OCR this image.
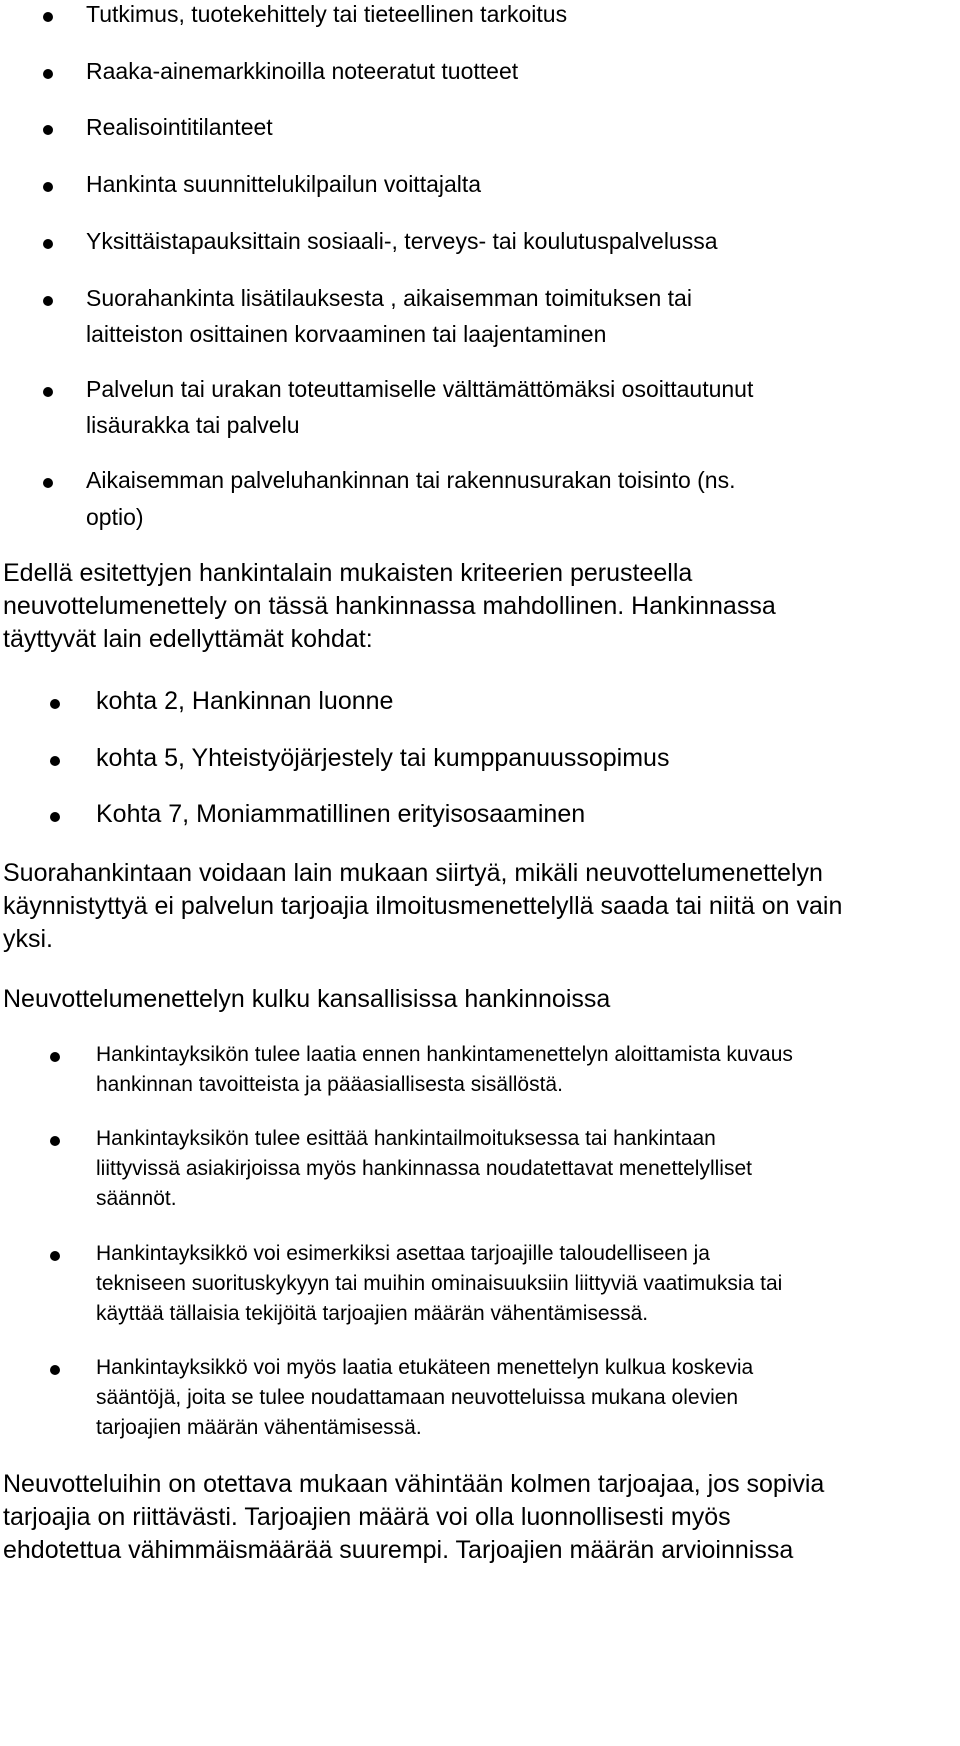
Tutkimus, tuotekehittely tai tieteellinen tarkoitus

Raaka-ainemarkkinoilla noteeratut tuotteet

Realisointitilanteet

Hankinta suunnittelukilpailun voittajalta

Yksittäistapauksittain sosiaali-, terveys- tai koulutuspalvelussa

Suorahankinta lisätilauksesta , aikaisemman toimituksen tai

laitteiston osittainen korvaaminen tai laajentaminen

Palvelun tai urakan toteuttamiselle välttämättömäksi osoittautunut

lisäurakka tai palvelu

Aikaisemman palveluhankinnan tai rakennusurakan toisinto (ns.

optio)

Edellä esitettyjen hankintalain mukaisten kriteerien perusteella

neuvottelumenettely on tässä hankinnassa mahdollinen. Hankinnassa

täyttyvät lain edellyttämät kohdat:

kohta 2, Hankinnan luonne

kohta 5, Yhteistyöjärjestely tai kumppanuussopimus

Kohta 7, Moniammatillinen erityisosaaminen

Suorahankintaan voidaan lain mukaan siirtyä, mikäli neuvottelumenettelyn

käynnistyttyä ei palvelun tarjoajia ilmoitusmenettelyllä saada tai niitä on vain

yksi.

Neuvottelumenettelyn kulku kansallisissa hankinnoissa

Hankintayksikön tulee laatia ennen hankintamenettelyn aloittamista kuvaus

hankinnan tavoitteista ja pääasiallisesta sisällöstä.

Hankintayksikön tulee esittää hankintailmoituksessa tai hankintaan

liittyvissä asiakirjoissa myös hankinnassa noudatettavat menettelylliset

säännöt.

Hankintayksikkö voi esimerkiksi asettaa tarjoajille taloudelliseen ja

tekniseen suorituskykyyn tai muihin ominaisuuksiin liittyviä vaatimuksia tai

käyttää tällaisia tekijöitä tarjoajien määrän vähentämisessä.

Hankintayksikkö voi myös laatia etukäteen menettelyn kulkua koskevia

sääntöjä, joita se tulee noudattamaan neuvotteluissa mukana olevien

tarjoajien määrän vähentämisessä.

Neuvotteluihin on otettava mukaan vähintään kolmen tarjoajaa, jos sopivia

tarjoajia on riittävästi. Tarjoajien määrä voi olla luonnollisesti myös

ehdotettua vähimmäismäärää suurempi. Tarjoajien määrän arvioinnissa
